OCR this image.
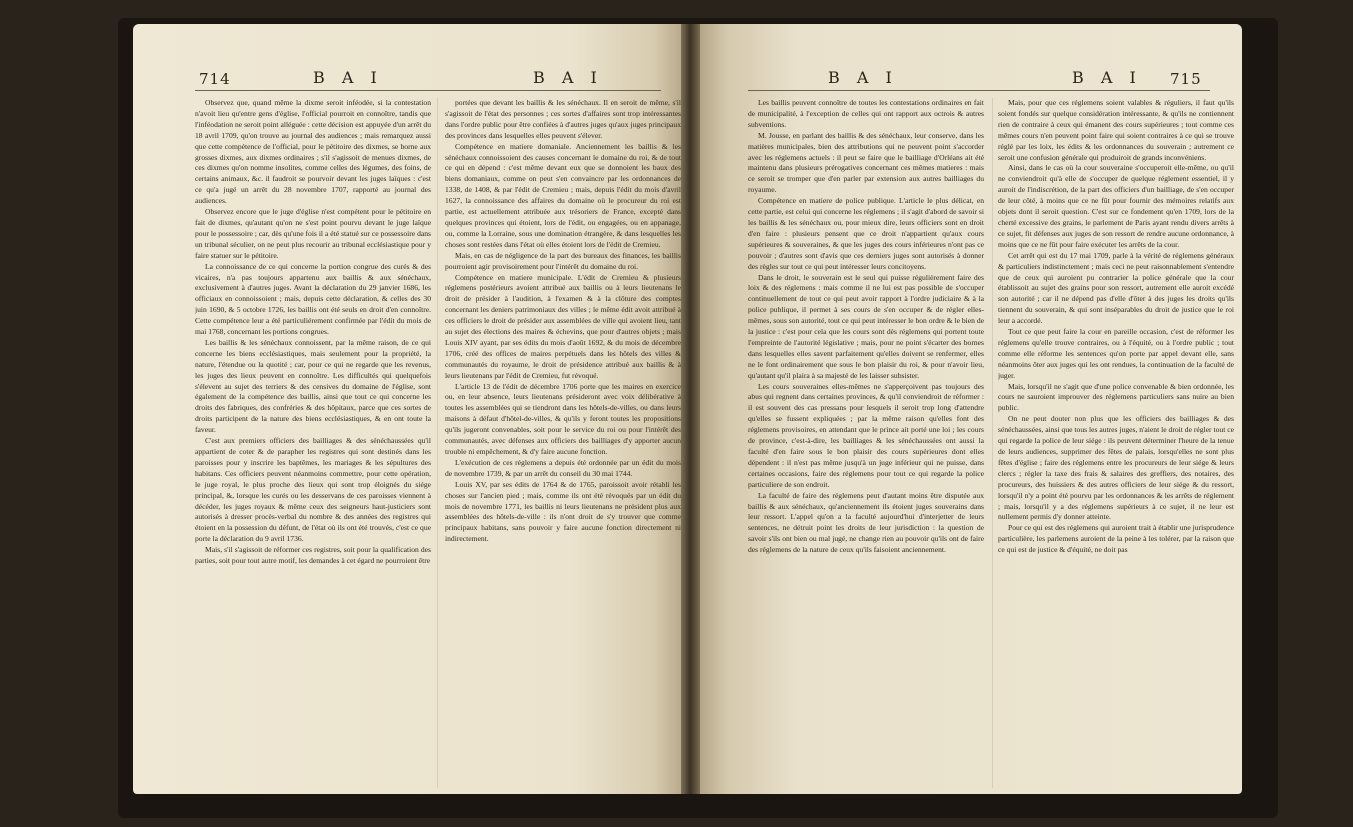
714	B A I	B A I

Observez que, quand même la dixme seroit inféodée, si la contestation n'avoit lieu qu'entre gens d'église, l'official pourroit en connoître, tandis que l'inféodation ne seroit point alléguée : cette décision est appuyée d'un arrêt du 18 avril 1709, qu'on trouve au journal des audiences ; mais remarquez aussi que cette compétence de l'official, pour le pétitoire des dixmes, se borne aux grosses dixmes, aux dixmes ordinaires ; s'il s'agissoit de menues dixmes, de ces dixmes qu'on nomme insolites, comme celles des légumes, des foins, de certains animaux, &c. il faudroit se pourvoir devant les juges laïques : c'est ce qu'a jugé un arrêt du 28 novembre 1707, rapporté au journal des audiences.

Observez encore que le juge d'église n'est compétent pour le pétitoire en fait de dixmes, qu'autant qu'on ne s'est point pourvu devant le juge laïque pour le possessoire ; car, dès qu'une fois il a été statué sur ce possessoire dans un tribunal séculier, on ne peut plus recourir au tribunal ecclésiastique pour y faire statuer sur le pétitoire.

La connoissance de ce qui concerne la portion congrue des curés & des vicaires, n'a pas toujours appartenu aux baillis & aux sénéchaux, exclusivement à d'autres juges. Avant la déclaration du 29 janvier 1686, les officiaux en connoissoient ; mais, depuis cette déclaration, & celles des 30 juin 1690, & 5 octobre 1726, les baillis ont été seuls en droit d'en connoître. Cette compétence leur a été particuliérement confirmée par l'édit du mois de mai 1768, concernant les portions congrues.

Les baillis & les sénéchaux connoissent, par la même raison, de ce qui concerne les biens ecclésiastiques, mais seulement pour la propriété, la nature, l'étendue ou la quotité ; car, pour ce qui ne regarde que les revenus, les juges des lieux peuvent en connoître. Les difficultés qui quelquefois s'élevent au sujet des terriers & des censives du domaine de l'église, sont également de la compétence des baillis, ainsi que tout ce qui concerne les droits des fabriques, des confréries & des hôpitaux, parce que ces sortes de droits participent de la nature des biens ecclésiastiques, & en ont toute la faveur.

C'est aux premiers officiers des bailliages & des sénéchaussées qu'il appartient de coter & de parapher les registres qui sont destinés dans les paroisses pour y inscrire les baptêmes, les mariages & les sépultures des habitans. Ces officiers peuvent néanmoins commettre, pour cette opération, le juge royal, le plus proche des lieux qui sont trop éloignés du siége principal, &, lorsque les curés ou les desservans de ces paroisses viennent à décéder, les juges royaux & même ceux des seigneurs haut-justiciers sont autorisés à dresser procès-verbal du nombre & des années des registres qui étoient en la possession du défunt, de l'état où ils ont été trouvés, c'est ce que porte la déclaration du 9 avril 1736.

Mais, s'il s'agissoit de réformer ces registres, soit pour la qualification des parties, soit pour tout autre motif, les demandes à cet égard ne pourroient être

portées que devant les baillis & les sénéchaux. Il en seroit de même, s'il s'agissoit de l'état des personnes ; ces sortes d'affaires sont trop intéressantes dans l'ordre public pour être confiées à d'autres juges qu'aux juges principaux des provinces dans lesquelles elles peuvent s'élever.

Compétence en matiere domaniale. Anciennement les baillis & les sénéchaux connoissoient des causes concernant le domaine du roi, & de tout ce qui en dépend : c'est même devant eux que se donnoient les baux des biens domaniaux, comme on peut s'en convaincre par les ordonnances de 1338, de 1408, & par l'édit de Cremieu ; mais, depuis l'édit du mois d'avril 1627, la connoissance des affaires du domaine où le procureur du roi est partie, est actuellement attribuée aux trésoriers de France, excepté dans quelques provinces qui étoient, lors de l'édit, ou engagées, ou en appanage, ou, comme la Lorraine, sous une domination étrangère, & dans lesquelles les choses sont restées dans l'état où elles étoient lors de l'édit de Cremieu.

Mais, en cas de négligence de la part des bureaux des finances, les baillis pourroient agir provisoirement pour l'intérêt du domaine du roi.

Compétence en matiere municipale. L'édit de Cremieu & plusieurs réglemens postérieurs avoient attribué aux baillis ou à leurs lieutenans le droit de présider à l'audition, à l'examen & à la clôture des comptes concernant les deniers patrimoniaux des villes ; le même édit avoit attribué à ces officiers le droit de présider aux assemblées de ville qui avoient lieu, tant au sujet des élections des maires & échevins, que pour d'autres objets ; mais Louis XIV ayant, par ses édits du mois d'août 1692, & du mois de décembre 1706, créé des offices de maires perpétuels dans les hôtels des villes & communautés du royaume, le droit de présidence attribué aux baillis & à leurs lieutenans par l'édit de Cremieu, fut révoqué.

L'article 13 de l'édit de décembre 1706 porte que les maires en exercice ou, en leur absence, leurs lieutenans présideront avec voix délibérative à toutes les assemblées qui se tiendront dans les hôtels-de-villes, ou dans leurs maisons à défaut d'hôtel-de-villes, & qu'ils y feront toutes les propositions qu'ils jugeront convenables, soit pour le service du roi ou pour l'intérêt des communautés, avec défenses aux officiers des bailliages d'y apporter aucun trouble ni empêchement, & d'y faire aucune fonction.

L'exécution de ces réglemens a depuis été ordonnée par un édit du mois de novembre 1739, & par un arrêt du conseil du 30 mai 1744.

Louis XV, par ses édits de 1764 & de 1765, paroissoit avoir rétabli les choses sur l'ancien pied ; mais, comme ils ont été révoqués par un édit du mois de novembre 1771, les baillis ni leurs lieutenans ne président plus aux assemblées des hôtels-de-ville : ils n'ont droit de s'y trouver que comme principaux habitans, sans pouvoir y faire aucune fonction directement ni indirectement.

B A I	B A I 715

Les baillis peuvent connoître de toutes les contestations ordinaires en fait de municipalité, à l'exception de celles qui ont rapport aux octrois & autres subventions.

M. Jousse, en parlant des baillis & des sénéchaux, leur conserve, dans les matières municipales, bien des attributions qui ne peuvent point s'accorder avec les réglemens actuels : il peut se faire que le bailliage d'Orléans ait été maintenu dans plusieurs prérogatives concernant ces mêmes matieres : mais ce seroit se tromper que d'en parler par extension aux autres bailliages du royaume.

Compétence en matiere de police publique. L'article le plus délicat, en cette partie, est celui qui concerne les réglemens ; il s'agit d'abord de savoir si les baillis & les sénéchaux ou, pour mieux dire, leurs officiers sont en droit d'en faire : plusieurs pensent que ce droit n'appartient qu'aux cours supérieures & souveraines, & que les juges des cours inférieures n'ont pas ce pouvoir ; d'autres sont d'avis que ces derniers juges sont autorisés à donner des règles sur tout ce qui peut intéresser leurs concitoyens.

Dans le droit, le souverain est le seul qui puisse régulièrement faire des loix & des réglemens : mais comme il ne lui est pas possible de s'occuper continuellement de tout ce qui peut avoir rapport à l'ordre judiciaire & à la police publique, il permet à ses cours de s'en occuper & de régler elles-mêmes, sous son autorité, tout ce qui peut intéresser le bon ordre & le bien de la justice : c'est pour cela que les cours sont dès réglemens qui portent toute l'empreinte de l'autorité législative ; mais, pour ne point s'écarter des bornes dans lesquelles elles savent parfaitement qu'elles doivent se renfermer, elles ne le font ordinairement que sous le bon plaisir du roi, & pour n'avoir lieu, qu'autant qu'il plaira à sa majesté de les laisser subsister.

Les cours souveraines elles-mêmes ne s'apperçoivent pas toujours des abus qui regnent dans certaines provinces, & qu'il conviendroit de réformer : il est souvent des cas pressans pour lesquels il seroit trop long d'attendre qu'elles se fussent expliquées ; par la même raison qu'elles font des réglemens provisoires, en attendant que le prince ait porté une loi ; les cours de province, c'est-à-dire, les bailliages & les sénéchaussées ont aussi la faculté d'en faire sous le bon plaisir des cours supérieures dont elles dépendent : il n'est pas même jusqu'à un juge inférieur qui ne puisse, dans certaines occasions, faire des réglemens pour tout ce qui regarde la police particuliere de son endroit.

La faculté de faire des réglemens peut d'autant moins être disputée aux baillis & aux sénéchaux, qu'anciennement ils étoient juges souverains dans leur ressort. L'appel qu'on a la faculté aujourd'hui d'interjetter de leurs sentences, ne détruit point les droits de leur jurisdiction : la question de savoir s'ils ont bien ou mal jugé, ne change rien au pouvoir qu'ils ont de faire des réglemens de la nature de ceux qu'ils faisoient anciennement.

Mais, pour que ces réglemens soient valables & réguliers, il faut qu'ils soient fondés sur quelque considération intéressante, & qu'ils ne contiennent rien de contraire à ceux qui émanent des cours supérieures ; tout comme ces mêmes cours n'en peuvent point faire qui soient contraires à ce qui se trouve réglé par les loix, les édits & les ordonnances du souverain ; autrement ce seroit une confusion générale qui produiroit de grands inconvéniens.

Ainsi, dans le cas où la cour souveraine s'occuperoit elle-même, ou qu'il ne conviendroit qu'à elle de s'occuper de quelque réglement essentiel, il y auroit de l'indiscrétion, de la part des officiers d'un bailliage, de s'en occuper de leur côté, à moins que ce ne fût pour fournir des mémoires relatifs aux objets dont il seroit question. C'est sur ce fondement qu'en 1709, lors de la cherté excessive des grains, le parlement de Paris ayant rendu divers arrêts à ce sujet, fit défenses aux juges de son ressort de rendre aucune ordonnance, à moins que ce ne fût pour faire exécuter les arrêts de la cour.

Cet arrêt qui est du 17 mai 1709, parle à la vérité de réglemens généraux & particuliers indistinctement ; mais ceci ne peut raisonnablement s'entendre que de ceux qui auroient pu contrarier la police générale que la cour établissoit au sujet des grains pour son ressort, autrement elle auroit excédé son autorité ; car il ne dépend pas d'elle d'ôter à des juges les droits qu'ils tiennent du souverain, & qui sont inséparables du droit de justice que le roi leur a accordé.

Tout ce que peut faire la cour en pareille occasion, c'est de réformer les réglemens qu'elle trouve contraires, ou à l'équité, ou à l'ordre public ; tout comme elle réforme les sentences qu'on porte par appel devant elle, sans néanmoins ôter aux juges qui les ont rendues, la continuation de la faculté de juger.

Mais, lorsqu'il ne s'agit que d'une police convenable & bien ordonnée, les cours ne sauroient improuver des réglemens particuliers sans nuire au bien public.

On ne peut douter non plus que les officiers des bailliages & des sénéchaussées, ainsi que tous les autres juges, n'aient le droit de régler tout ce qui regarde la police de leur siége : ils peuvent déterminer l'heure de la tenue de leurs audiences, supprimer des fêtes de palais, lorsqu'elles ne sont plus fêtes d'église ; faire des réglemens entre les procureurs de leur siége & leurs clercs ; régler la taxe des frais & salaires des greffiers, des notaires, des procureurs, des huissiers & des autres officiers de leur siége & du ressort, lorsqu'il n'y a point été pourvu par les ordonnances & les arrêts de réglement ; mais, lorsqu'il y a des réglemens supérieurs à ce sujet, il ne leur est nullement permis d'y donner atteinte.

Pour ce qui est des réglemens qui auroient trait à établir une jurisprudence particulière, les parlemens auroient de la peine à les tolérer, par la raison que ce qui est de justice & d'équité, ne doit pas
